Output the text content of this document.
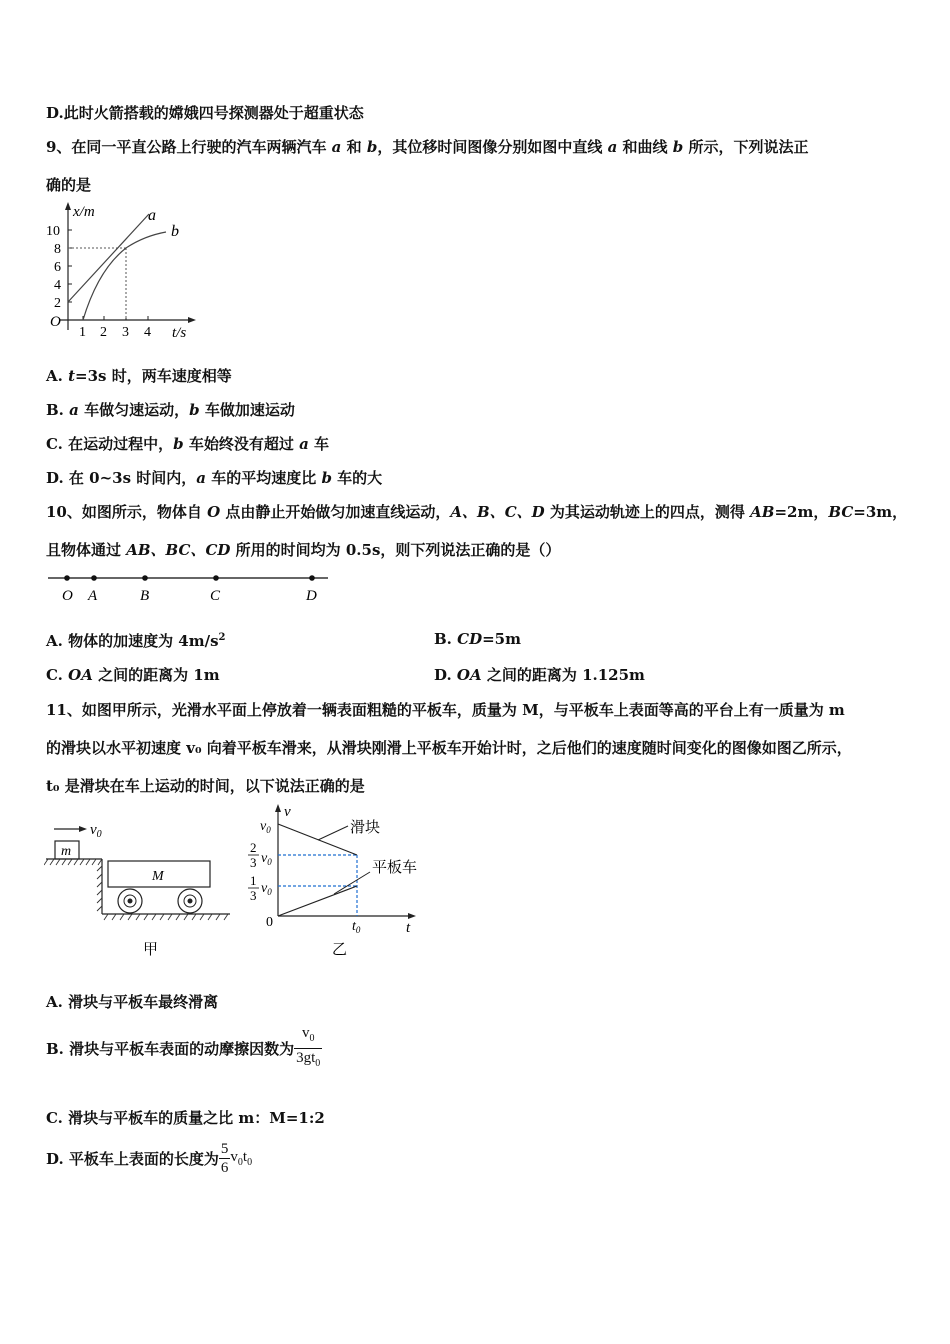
D.此时火箭搭载的嫦娥四号探测器处于超重状态
9、在同一平直公路上行驶的汽车两辆汽车 a 和 b，其位移时间图像分别如图中直线 a 和曲线 b 所示，下列说法正
确的是
x/m
t/s
O
10
8
6
4
2
1 2 3 4
a
b
A. t=3s 时，两车速度相等
B. a 车做匀速运动，b 车做加速运动
C. 在运动过程中，b 车始终没有超过 a 车
D. 在 0~3s 时间内，a 车的平均速度比 b 车的大
10、如图所示，物体自 O 点由静止开始做匀加速直线运动，A、B、C、D 为其运动轨迹上的四点，测得 AB=2m，BC=3m，
且物体通过 AB、BC、CD 所用的时间均为 0.5s，则下列说法正确的是（）
O A	B	C	D
A. 物体的加速度为 $4m/s^2$	B. CD=5m
C. OA 之间的距离为 1m	D. OA 之间的距离为 1.125m
11、如图甲所示，光滑水平面上停放着一辆表面粗糙的平板车，质量为 M，与平板车上表面等高的平台上有一质量为 m
的滑块以水平初速度 v₀ 向着平板车滑来，从滑块刚滑上平板车开始计时，之后他们的速度随时间变化的图像如图乙所示，
t₀ 是滑块在车上运动的时间，以下说法正确的是
$v_0$
m
M
甲
v
t
$v_0$
2
3 $v_0$
1
3 $v_0$
0
滑块
平板车
$t_0$
乙
A. 滑块与平板车最终滑离
B. 滑块与平板车表面的动摩擦因数为 $\frac{v_0}{3gt_0}$
C. 滑块与平板车的质量之比 m：M=1:2
D. 平板车上表面的长度为 $\frac{5}{6} v_0t_0$
